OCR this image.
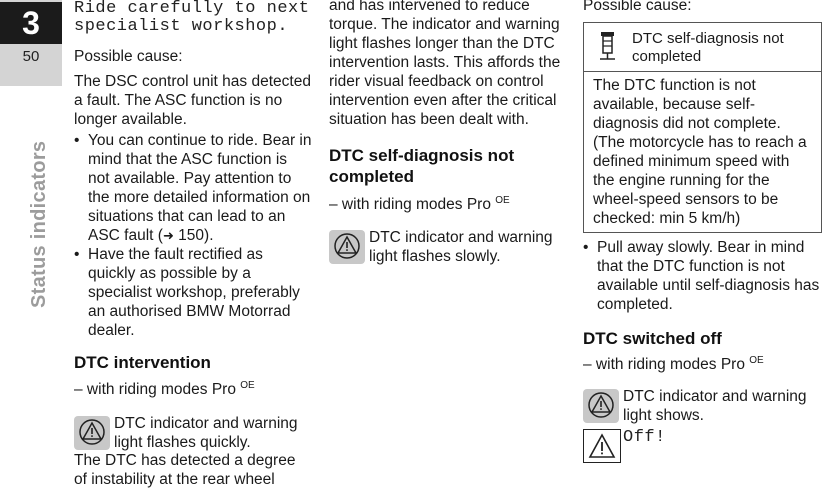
3
50
Status indicators

Ride carefully to next specialist workshop.

Possible cause:

The DSC control unit has detected a fault. The ASC function is no longer available.

• You can continue to ride. Bear in mind that the ASC function is not available. Pay attention to the more detailed information on situations that can lead to an ASC fault (➜ 150).
• Have the fault rectified as quickly as possible by a specialist workshop, preferably an authorised BMW Motorrad dealer.
DTC intervention

– with riding modes Pro $^{OE}$

DTC indicator and warning light flashes quickly.

The DTC has detected a degree of instability at the rear wheel

and has intervened to reduce torque. The indicator and warning light flashes longer than the DTC intervention lasts. This affords the rider visual feedback on control intervention even after the critical situation has been dealt with.

DTC self-diagnosis not completed

– with riding modes Pro $^{OE}$

DTC indicator and warning light flashes slowly.

Possible cause:
DTC self-diagnosis not completed
The DTC function is not available, because self-diagnosis did not complete. (The motorcycle has to reach a defined minimum speed with the engine running for the wheel-speed sensors to be checked: min 5 km/h)
• Pull away slowly. Bear in mind that the DTC function is not available until self-diagnosis has completed.
DTC switched off

– with riding modes Pro $^{OE}$

DTC indicator and warning light shows.

Off!
